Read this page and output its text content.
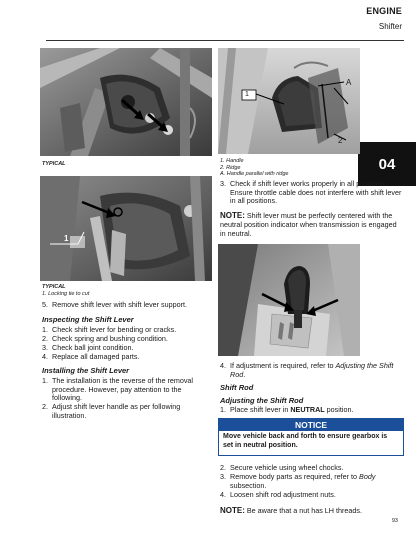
ENGINE
Shifter
04
TYPICAL
1
TYPICAL
1. Locking tie to cut
5. Remove shift lever with shift lever support.
Inspecting the Shift Lever
1. Check shift lever for bending or cracks.
2. Check spring and bushing condition.
3. Check ball joint condition.
4. Replace all damaged parts.
Installing the Shift Lever
1. The installation is the reverse of the removal procedure. However, pay attention to the following.
2. Adjust shift lever handle as per following illustration.
1
A
2
1. Handle
2. Ridge
A. Handle parallel with ridge
3. Check if shift lever works properly in all positions. Ensure throttle cable does not interfere with shift lever in all positions.
NOTE: Shift lever must be perfectly centered with the neutral position indicator when transmission is engaged in neutral.
4. If adjustment is required, refer to Adjusting the Shift Rod.
Shift Rod
Adjusting the Shift Rod
1. Place shift lever in NEUTRAL position.
NOTICE
Move vehicle back and forth to ensure gearbox is set in neutral position.
2. Secure vehicle using wheel chocks.
3. Remove body parts as required, refer to Body subsection.
4. Loosen shift rod adjustment nuts.
NOTE: Be aware that a nut has LH threads.
93
